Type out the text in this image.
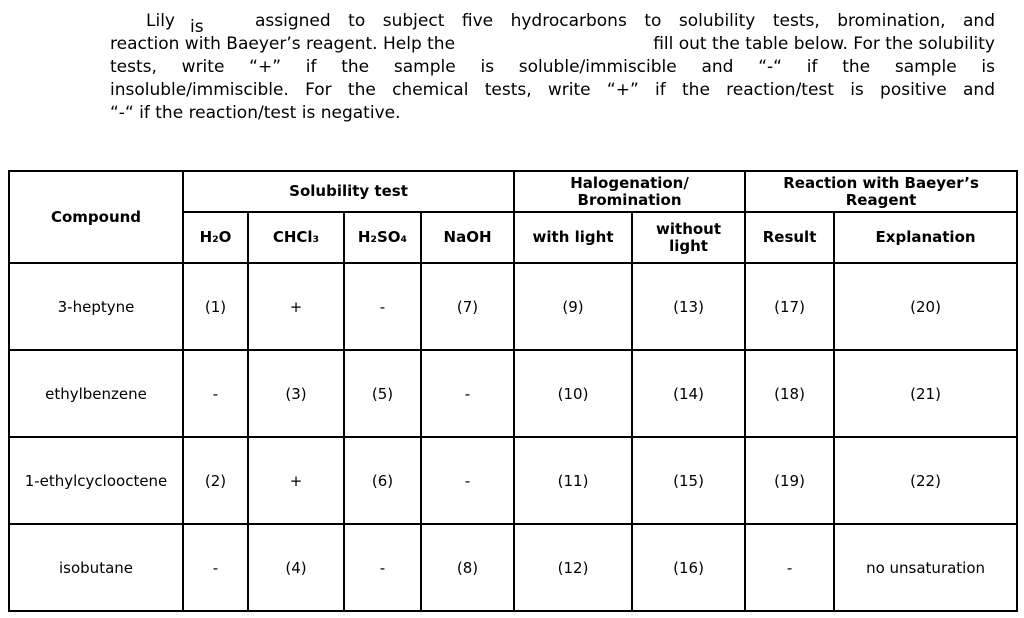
Lily is	assigned to subject five hydrocarbons to solubility tests, bromination, and
reaction with Baeyer’s reagent. Help the	fill out the table below. For the solubility
tests, write “+” if the sample is soluble/immiscible and “-“ if the sample is
insoluble/immiscible. For the chemical tests, write “+” if the reaction/test is positive and
“-“ if the reaction/test is negative.
Compound	Solubility test				Halogenation/
Bromination		Reaction with Baeyer’s
Reagent	
	H₂O	CHCl₃	H₂SO₄	NaOH	with light	without light	Result	Explanation
3-heptyne	(1)	+	-	(7)	(9)	(13)	(17)	(20)
ethylbenzene	-	(3)	(5)	-	(10)	(14)	(18)	(21)
1-ethylcyclooctene	(2)	+	(6)	-	(11)	(15)	(19)	(22)
isobutane	-	(4)	-	(8)	(12)	(16)	-	no unsaturation
